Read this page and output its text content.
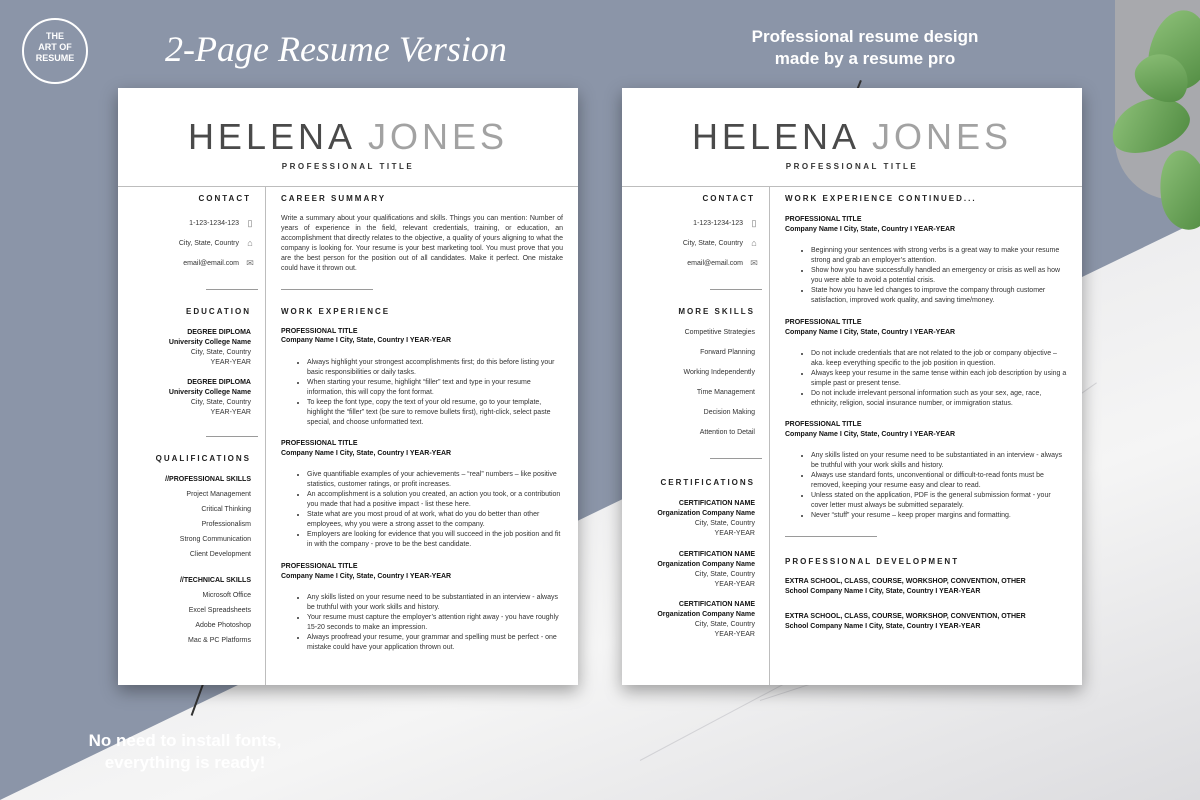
THE
ART OF
RESUME	2-Page Resume Version	Professional resume design made by a resume pro
No need to install fonts, everything is ready!
HELENA JONES
PROFESSIONAL TITLE
CONTACT
1-123-1234-123 ▯
City, State, Country ⌂
email@email.com ✉
EDUCATION
DEGREE DIPLOMA
University College Name
City, State, Country
YEAR-YEAR
DEGREE DIPLOMA
University College Name
City, State, Country
YEAR-YEAR
QUALIFICATIONS
//PROFESSIONAL SKILLS
Project Management
Critical Thinking
Professionalism
Strong Communication
Client Development
//TECHNICAL SKILLS
Microsoft Office
Excel Spreadsheets
Adobe Photoshop
Mac & PC Platforms
CAREER SUMMARY
Write a summary about your qualifications and skills. Things you can mention: Number of years of experience in the field, relevant credentials, training, or education, an accomplishment that directly relates to the objective, a quality of yours aligning to what the company is looking for. Your resume is your best marketing tool. You must prove that you are the best person for the position out of all candidates. Make it perfect. One mistake could have it thrown out.
WORK EXPERIENCE
PROFESSIONAL TITLE
Company Name I City, State, Country I YEAR-YEAR
• Always highlight your strongest accomplishments first; do this before listing your basic responsibilities or daily tasks.
• When starting your resume, highlight “filler” text and type in your resume information, this will copy the font format.
• To keep the font type, copy the text of your old resume, go to your template, highlight the “filler” text (be sure to remove bullets first), right-click, select paste special, and choose unformatted text.
PROFESSIONAL TITLE
Company Name I City, State, Country I YEAR-YEAR
• Give quantifiable examples of your achievements – “real” numbers – like positive statistics, customer ratings, or profit increases.
• An accomplishment is a solution you created, an action you took, or a contribution you made that had a positive impact - list these here.
• State what are you most proud of at work, what do you do better than other employees, why you were a strong asset to the company.
• Employers are looking for evidence that you will succeed in the job position and fit in with the company - prove to be the best candidate.
PROFESSIONAL TITLE
Company Name I City, State, Country I YEAR-YEAR
• Any skills listed on your resume need to be substantiated in an interview - always be truthful with your work skills and history.
• Your resume must capture the employer’s attention right away - you have roughly 15-20 seconds to make an impression.
• Always proofread your resume, your grammar and spelling must be perfect - one mistake could have your application thrown out.
HELENA JONES
PROFESSIONAL TITLE
CONTACT
1-123-1234-123 ▯
City, State, Country ⌂
email@email.com ✉
MORE SKILLS
Competitive Strategies
Forward Planning
Working Independently
Time Management
Decision Making
Attention to Detail
CERTIFICATIONS
CERTIFICATION NAME
Organization Company Name
City, State, Country
YEAR-YEAR
CERTIFICATION NAME
Organization Company Name
City, State, Country
YEAR-YEAR
CERTIFICATION NAME
Organization Company Name
City, State, Country
YEAR-YEAR
WORK EXPERIENCE CONTINUED...
PROFESSIONAL TITLE
Company Name I City, State, Country I YEAR-YEAR
• Beginning your sentences with strong verbs is a great way to make your resume strong and grab an employer’s attention.
• Show how you have successfully handled an emergency or crisis as well as how you were able to avoid a potential crisis.
• State how you have led changes to improve the company through customer satisfaction, improved work quality, and saving time/money.
PROFESSIONAL TITLE
Company Name I City, State, Country I YEAR-YEAR
• Do not include credentials that are not related to the job or company objective – aka. keep everything specific to the job position in question.
• Always keep your resume in the same tense within each job description by using a simple past or present tense.
• Do not include irrelevant personal information such as your sex, age, race, ethnicity, religion, social insurance number, or immigration status.
PROFESSIONAL TITLE
Company Name I City, State, Country I YEAR-YEAR
• Any skills listed on your resume need to be substantiated in an interview - always be truthful with your work skills and history.
• Always use standard fonts, unconventional or difficult-to-read fonts must be removed, keeping your resume easy and clear to read.
• Unless stated on the application, PDF is the general submission format - your cover letter must always be submitted separately.
• Never “stuff” your resume – keep proper margins and formatting.
PROFESSIONAL DEVELOPMENT
EXTRA SCHOOL, CLASS, COURSE, WORKSHOP, CONVENTION, OTHER
School Company Name I City, State, Country I YEAR-YEAR
EXTRA SCHOOL, CLASS, COURSE, WORKSHOP, CONVENTION, OTHER
School Company Name I City, State, Country I YEAR-YEAR
